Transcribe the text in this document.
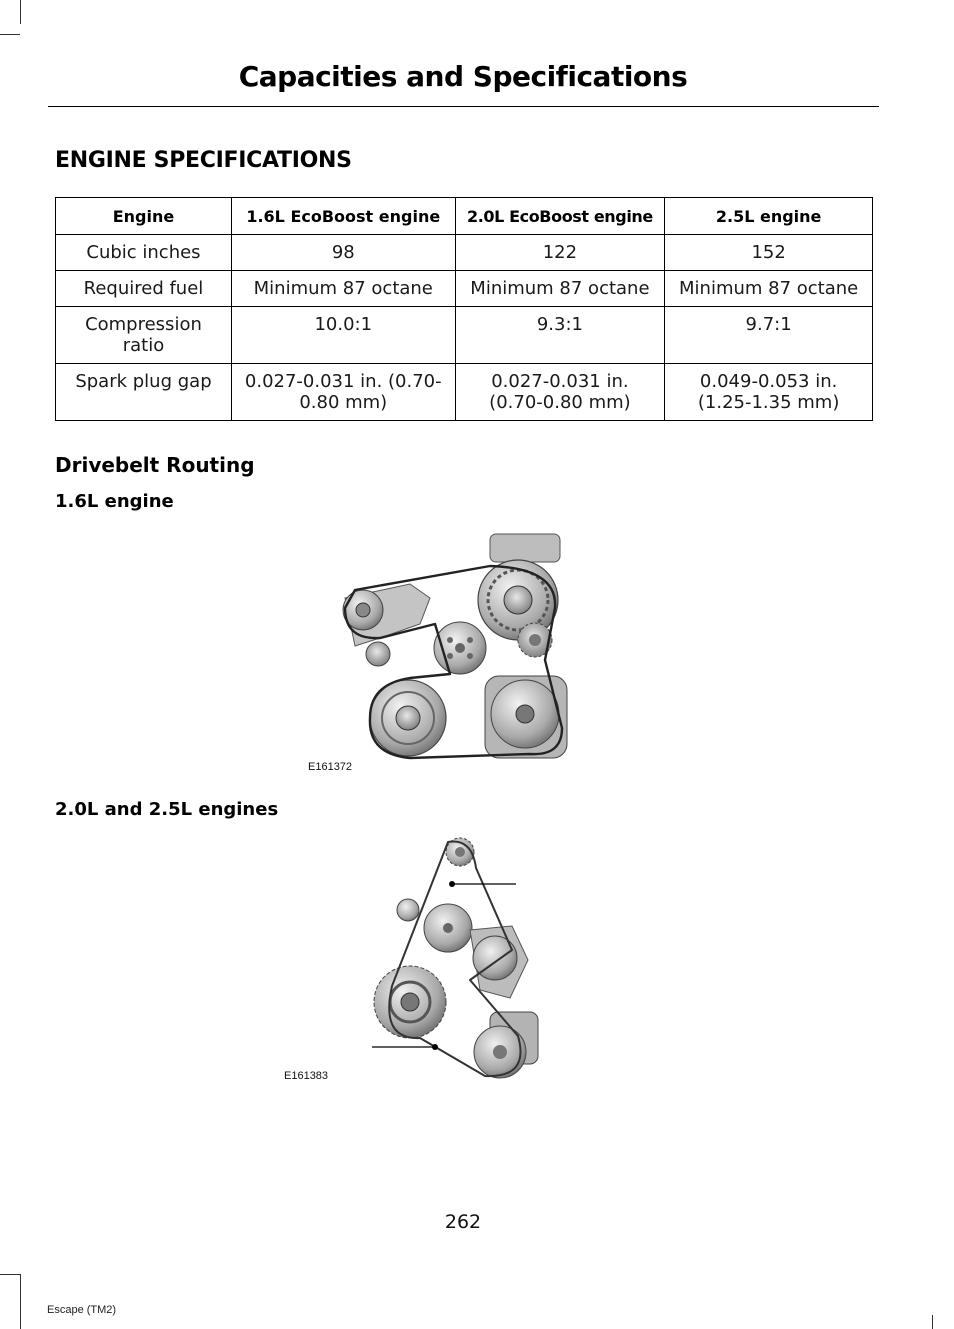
Capacities and Specifications
ENGINE SPECIFICATIONS
Engine	1.6L EcoBoost engine	2.0L EcoBoost engine	2.5L engine
Cubic inches	98	122	152
Required fuel	Minimum 87 octane	Minimum 87 octane	Minimum 87 octane
Compression ratio	10.0:1	9.3:1	9.7:1
Spark plug gap	0.027-0.031 in. (0.70-0.80 mm)	0.027-0.031 in. (0.70-0.80 mm)	0.049-0.053 in. (1.25-1.35 mm)
Drivebelt Routing
1.6L engine
E161372
2.0L and 2.5L engines
E161383
262
Escape (TM2)
